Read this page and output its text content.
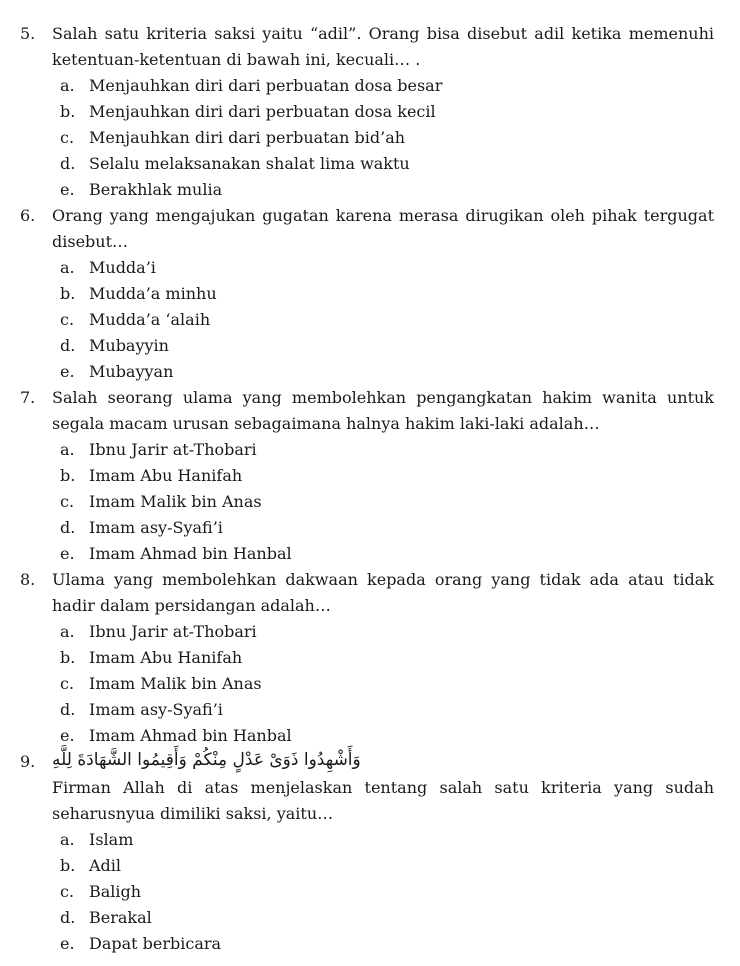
5. Salah satu kriteria saksi yaitu “adil”. Orang bisa disebut adil ketika memenuhi ketentuan-ketentuan di bawah ini, kecuali… .
a. Menjauhkan diri dari perbuatan dosa besar
b. Menjauhkan diri dari perbuatan dosa kecil
c. Menjauhkan diri dari perbuatan bid’ah
d. Selalu melaksanakan shalat lima waktu
e. Berakhlak mulia
6. Orang yang mengajukan gugatan karena merasa dirugikan oleh pihak tergugat disebut…
a. Mudda’i
b. Mudda’a minhu
c. Mudda’a ‘alaih
d. Mubayyin
e. Mubayyan
7. Salah seorang ulama yang membolehkan pengangkatan hakim wanita untuk segala macam urusan sebagaimana halnya hakim laki-laki adalah…
a. Ibnu Jarir at-Thobari
b. Imam Abu Hanifah
c. Imam Malik bin Anas
d. Imam asy-Syafi’i
e. Imam Ahmad bin Hanbal
8. Ulama yang membolehkan dakwaan kepada orang yang tidak ada atau tidak hadir dalam persidangan adalah…
a. Ibnu Jarir at-Thobari
b. Imam Abu Hanifah
c. Imam Malik bin Anas
d. Imam asy-Syafi’i
e. Imam Ahmad bin Hanbal
9. وَأَشْهِدُوا ذَوَىْ عَدْلٍ مِنْكُمْ وَأَقِيمُوا الشَّهَادَةَ لِلَّهِ
Firman Allah di atas menjelaskan tentang salah satu kriteria yang sudah seharusnyua dimiliki saksi, yaitu…
a. Islam
b. Adil
c. Baligh
d. Berakal
e. Dapat berbicara
